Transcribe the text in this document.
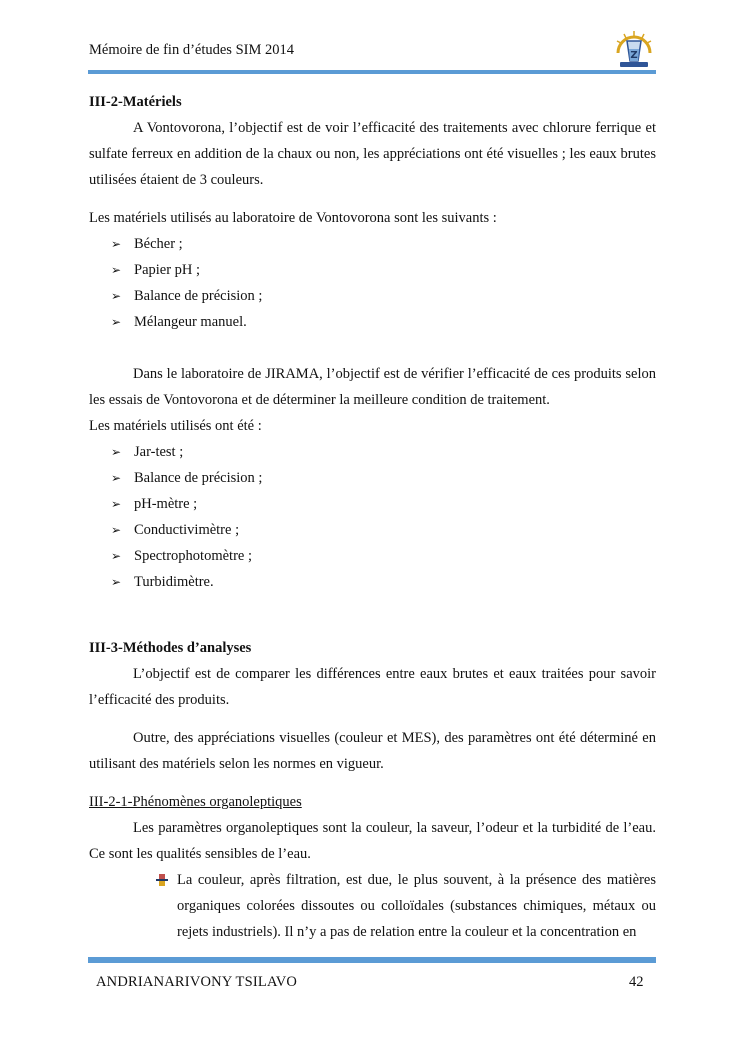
Mémoire de fin d’études SIM 2014	Z

III-2-Matériels

A Vontovorona, l’objectif est de voir l’efficacité des traitements avec chlorure ferrique et sulfate ferreux en addition de la chaux ou non, les appréciations ont été visuelles ; les eaux brutes utilisées étaient de 3 couleurs.

Les matériels utilisés au laboratoire de Vontovorona sont les suivants :

➢ Bécher ;
➢ Papier pH ;
➢ Balance de précision ;
➢ Mélangeur manuel.

Dans le laboratoire de JIRAMA, l’objectif est de vérifier l’efficacité de ces produits selon les essais de Vontovorona et de déterminer la meilleure condition de traitement.

Les matériels utilisés ont été :

➢ Jar-test ;
➢ Balance de précision ;
➢ pH-mètre ;
➢ Conductivimètre ;
➢ Spectrophotomètre ;
➢ Turbidimètre.

III-3-Méthodes d’analyses

L’objectif est de comparer les différences entre eaux brutes et eaux traitées pour savoir l’efficacité des produits.

Outre, des appréciations visuelles (couleur et MES), des paramètres ont été déterminé en utilisant des matériels selon les normes en vigueur.

III-2-1-Phénomènes organoleptiques

Les paramètres organoleptiques sont la couleur, la saveur, l’odeur et la turbidité de l’eau. Ce sont les qualités sensibles de l’eau.

La couleur, après filtration, est due, le plus souvent, à la présence des matières organiques colorées dissoutes ou colloïdales (substances chimiques, métaux ou rejets industriels). Il n’y a pas de relation entre la couleur et la concentration en
ANDRIANARIVONY TSILAVO	42
